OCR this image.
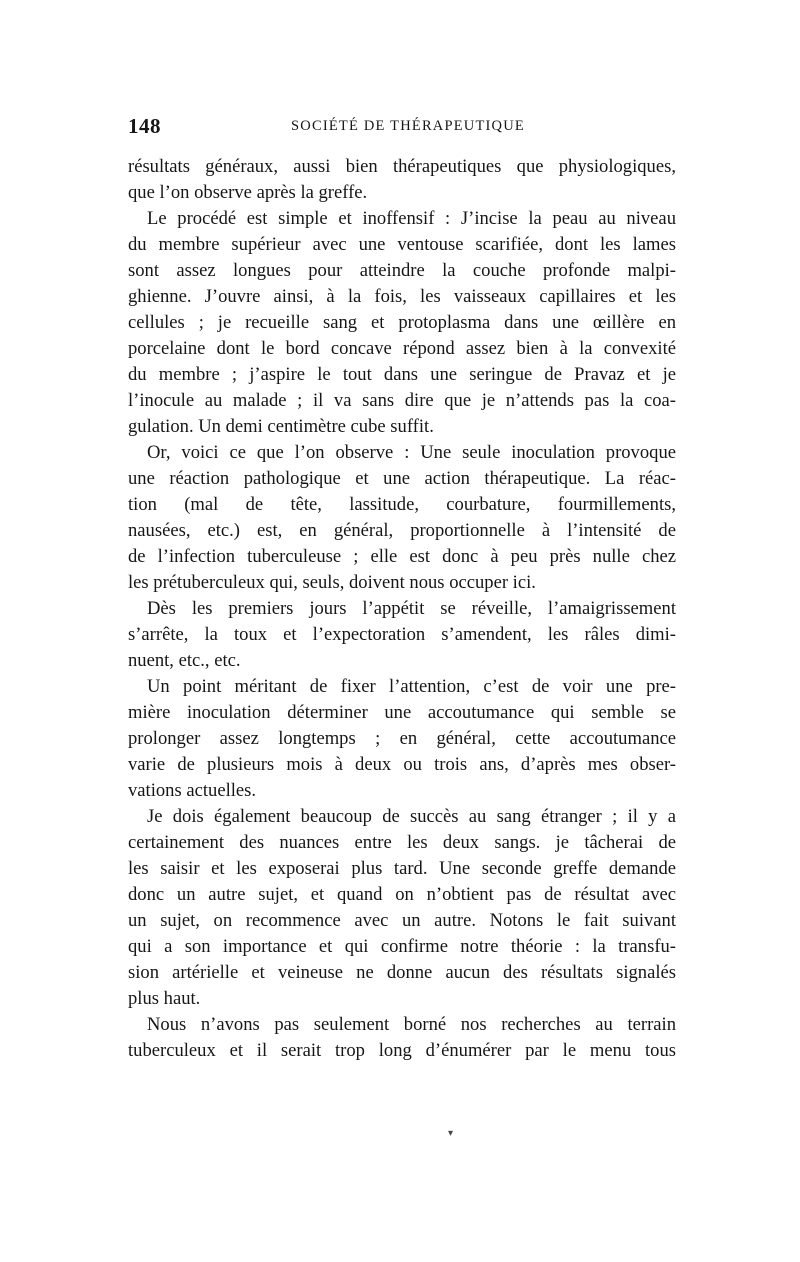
148	SOCIÉTÉ DE THÉRAPEUTIQUE
résultats généraux, aussi bien thérapeutiques que physiologiques,
que l’on observe après la greffe.
Le procédé est simple et inoffensif : J’incise la peau au niveau
du membre supérieur avec une ventouse scarifiée, dont les lames
sont assez longues pour atteindre la couche profonde malpi-
ghienne. J’ouvre ainsi, à la fois, les vaisseaux capillaires et les
cellules ; je recueille sang et protoplasma dans une œillère en
porcelaine dont le bord concave répond assez bien à la convexité
du membre ; j’aspire le tout dans une seringue de Pravaz et je
l’inocule au malade ; il va sans dire que je n’attends pas la coa-
gulation. Un demi centimètre cube suffit.
Or, voici ce que l’on observe : Une seule inoculation provoque
une réaction pathologique et une action thérapeutique. La réac-
tion (mal de tête, lassitude, courbature, fourmillements,
nausées, etc.) est, en général, proportionnelle à l’intensité de
de l’infection tuberculeuse ; elle est donc à peu près nulle chez
les prétuberculeux qui, seuls, doivent nous occuper ici.
Dès les premiers jours l’appétit se réveille, l’amaigrissement
s’arrête, la toux et l’expectoration s’amendent, les râles dimi-
nuent, etc., etc.
Un point méritant de fixer l’attention, c’est de voir une pre-
mière inoculation déterminer une accoutumance qui semble se
prolonger assez longtemps ; en général, cette accoutumance
varie de plusieurs mois à deux ou trois ans, d’après mes obser-
vations actuelles.
Je dois également beaucoup de succès au sang étranger ; il y a
certainement des nuances entre les deux sangs. je tâcherai de
les saisir et les exposerai plus tard. Une seconde greffe demande
donc un autre sujet, et quand on n’obtient pas de résultat avec
un sujet, on recommence avec un autre. Notons le fait suivant
qui a son importance et qui confirme notre théorie : la transfu-
sion artérielle et veineuse ne donne aucun des résultats signalés
plus haut.
Nous n’avons pas seulement borné nos recherches au terrain
tuberculeux et il serait trop long d’énumérer par le menu tous
▾
